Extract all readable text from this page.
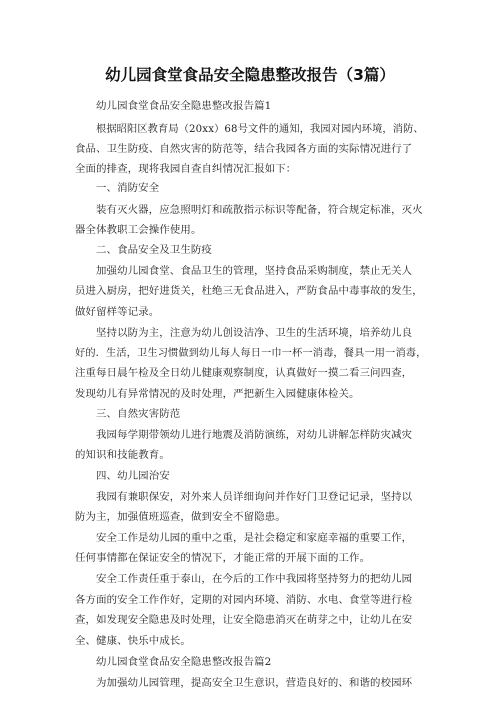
幼儿园食堂食品安全隐患整改报告（3篇）
幼儿园食堂食品安全隐患整改报告篇1
根据昭阳区教育局（20xx）68号文件的通知，我园对园内环境，消防、
食品、卫生防疫、自然灾害的防范等，结合我园各方面的实际情况进行了
全面的排查，现将我园自查自纠情况汇报如下：
一、消防安全
装有灭火器，应急照明灯和疏散指示标识等配备，符合规定标准，灭火
器全体教职工会操作使用。
二、食品安全及卫生防疫
加强幼儿园食堂、食品卫生的管理，坚持食品采购制度，禁止无关人
员进入厨房，把好进货关，杜绝三无食品进入，严防食品中毒事故的发生，
做好留样等记录。
坚持以防为主，注意为幼儿创设洁净、卫生的生活环境，培养幼儿良
好的．生活，卫生习惯做到幼儿每人每日一巾一杯一消毒，餐具一用一消毒，
注重每日晨午检及全日幼儿健康观察制度，认真做好一摸二看三问四查，
发现幼儿有异常情况的及时处理，严把新生入园健康体检关。
三、自然灾害防范
我园每学期带领幼儿进行地震及消防演练，对幼儿讲解怎样防灾减灾
的知识和技能教育。
四、幼儿园治安
我园有兼职保安，对外来人员详细询问并作好门卫登记记录，坚持以
防为主，加强值班巡查，做到安全不留隐患。
安全工作是幼儿园的重中之重，是社会稳定和家庭幸福的重要工作，
任何事情都在保证安全的情况下，才能正常的开展下面的工作。
安全工作责任重于泰山，在今后的工作中我园将坚持努力的把幼儿园
各方面的安全工作作好，定期的对园内环境、消防、水电、食堂等进行检
查，如发现安全隐患及时处理，让安全隐患消灭在萌芽之中，让幼儿在安
全、健康、快乐中成长。
幼儿园食堂食品安全隐患整改报告篇2
为加强幼儿园管理，提高安全卫生意识，营造良好的、和谐的校园环
